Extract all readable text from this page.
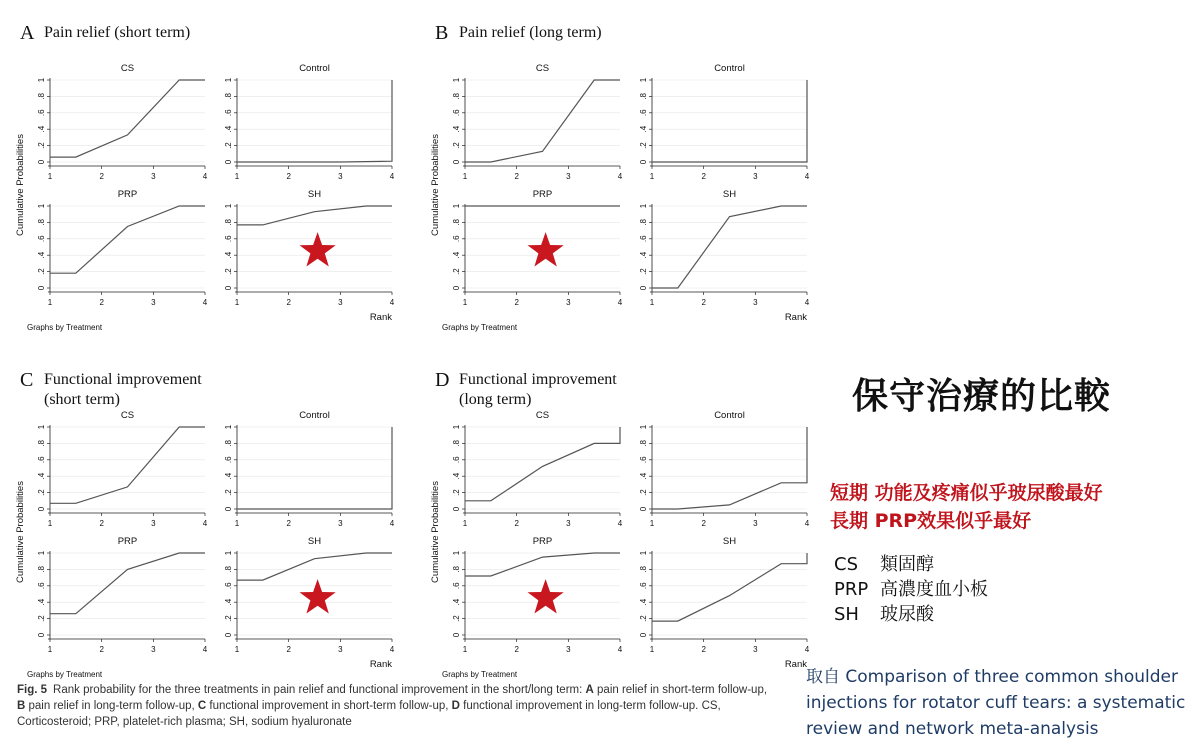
A Pain relief (short term)
Cumulative Probabilities
Rank
Graphs by Treatment
CS
0
.2
.4
.6
.8
1
1	2	3	4
Control
0
.2
.4
.6
.8
1
1	2	3	4
PRP
0
.2
.4
.6
.8
1
1	2	3	4
SH
0
.2
.4
.6
.8
1
1	2	3	4
B Pain relief (long term)
Cumulative Probabilities
Rank
Graphs by Treatment
CS
0
.2
.4
.6
.8
1
1	2	3	4
Control
0
.2
.4
.6
.8
1
1	2	3	4
PRP
0
.2
.4
.6
.8
1
1	2	3	4
SH
0
.2
.4
.6
.8
1
1	2	3	4
C Functional improvement
(short term)
Cumulative Probabilities
Rank
Graphs by Treatment
CS
0
.2
.4
.6
.8
1
1	2	3	4
Control
0
.2
.4
.6
.8
1
1	2	3	4
PRP
0
.2
.4
.6
.8
1
1	2	3	4
SH
0
.2
.4
.6
.8
1
1	2	3	4
D Functional improvement
(long term)
Cumulative Probabilities
Rank
Graphs by Treatment
CS
0
.2
.4
.6
.8
1
1	2	3	4
Control
0
.2
.4
.6
.8
1
1	2	3	4
PRP
0
.2
.4
.6
.8
1
1	2	3	4
SH
0
.2
.4
.6
.8
1
1	2	3	4
保守治療的比較
短期 功能及疼痛似乎玻尿酸最好
長期 PRP效果似乎最好
CS 類固醇
PRP 高濃度血小板
SH 玻尿酸
取自 Comparison of three common shoulder injections for rotator cuff tears: a systematic review and network meta-analysis
Fig. 5 Rank probability for the three treatments in pain relief and functional improvement in the short/long term: A pain relief in short-term follow-up, B pain relief in long-term follow-up, C functional improvement in short-term follow-up, D functional improvement in long-term follow-up. CS, Corticosteroid; PRP, platelet-rich plasma; SH, sodium hyaluronate
